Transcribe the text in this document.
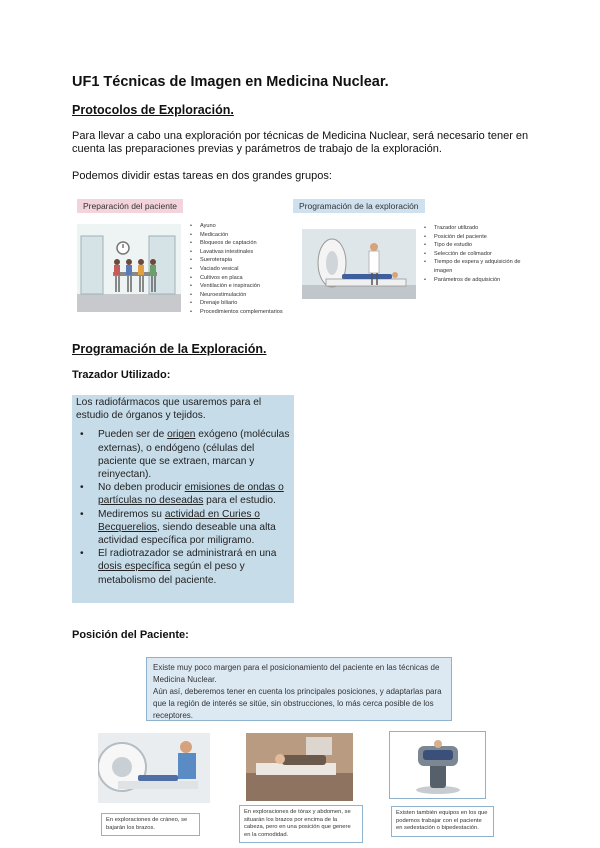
UF1 Técnicas de Imagen en Medicina Nuclear.
Protocolos de Exploración.
Para llevar a cabo una exploración por técnicas de Medicina Nuclear, será necesario tener en cuenta las preparaciones previas y parámetros de trabajo de la exploración.
Podemos dividir estas tareas en dos grandes grupos:
Preparación del paciente
• Ayuno
• Medicación
• Bloqueos de captación
• Lavativas intestinales
• Sueroterapia
• Vaciado vesical
• Cultivos en placa
• Ventilación e inspiración
• Neuroestimulación
• Drenaje biliario
• Procedimientos complementarios
Programación de la exploración
• Trazador utilizado
• Posición del paciente
• Tipo de estudio
• Selección de colimador
• Tiempo de espera y adquisición de imagen
• Parámetros de adquisición
Programación de la Exploración.
Trazador Utilizado:
Los radiofármacos que usaremos para el estudio de órganos y tejidos.
• Pueden ser de origen exógeno (moléculas externas), o endógeno (células del paciente que se extraen, marcan y reinyectan).
• No deben producir emisiones de ondas o partículas no deseadas para el estudio.
• Mediremos su actividad en Curies o Becquerelios, siendo deseable una alta actividad específica por miligramo.
• El radiotrazador se administrará en una dosis específica según el peso y metabolismo del paciente.
Posición del Paciente:
Existe muy poco margen para el posicionamiento del paciente en las técnicas de Medicina Nuclear.
Aún así, deberemos tener en cuenta los principales posiciones, y adaptarlas para que la región de interés se sitúe, sin obstrucciones, lo más cerca posible de los receptores.
En exploraciones de cráneo, se bajarán los brazos.
En exploraciones de tórax y abdomen, se situarán los brazos por encima de la cabeza, pero en una posición que genere en la comodidad.
Existen también equipos en los que podemos trabajar con el paciente en sedestación o bipedestación.
